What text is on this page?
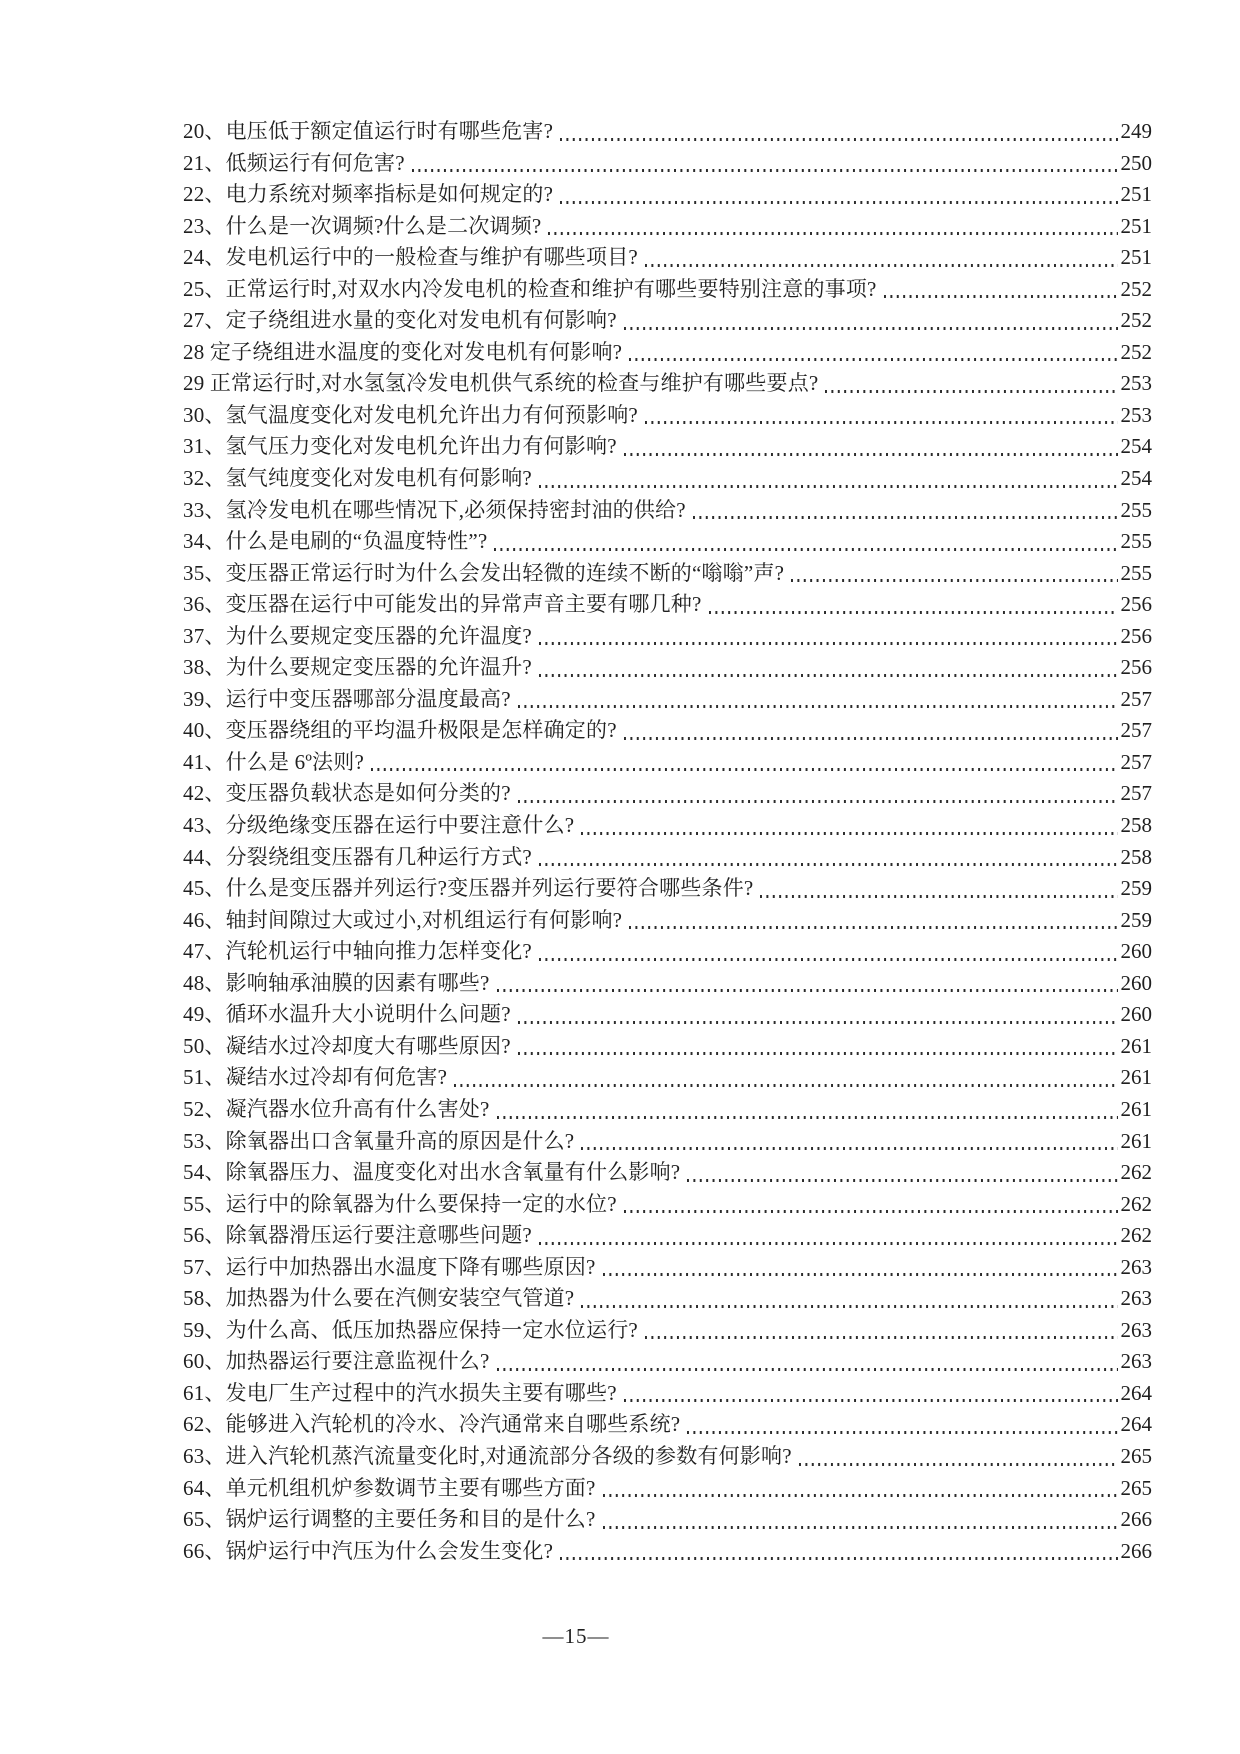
20、电压低于额定值运行时有哪些危害?	249
21、低频运行有何危害?	250
22、电力系统对频率指标是如何规定的?	251
23、什么是一次调频?什么是二次调频?	251
24、发电机运行中的一般检查与维护有哪些项目?	251
25、正常运行时,对双水内冷发电机的检查和维护有哪些要特别注意的事项?	252
27、定子绕组进水量的变化对发电机有何影响?	252
28 定子绕组进水温度的变化对发电机有何影响?	252
29 正常运行时,对水氢氢冷发电机供气系统的检查与维护有哪些要点?	253
30、氢气温度变化对发电机允许出力有何预影响?	253
31、氢气压力变化对发电机允许出力有何影响?	254
32、氢气纯度变化对发电机有何影响?	254
33、氢冷发电机在哪些情况下,必须保持密封油的供给?	255
34、什么是电刷的“负温度特性”?	255
35、变压器正常运行时为什么会发出轻微的连续不断的“嗡嗡”声?	255
36、变压器在运行中可能发出的异常声音主要有哪几种?	256
37、为什么要规定变压器的允许温度?	256
38、为什么要规定变压器的允许温升?	256
39、运行中变压器哪部分温度最高?	257
40、变压器绕组的平均温升极限是怎样确定的?	257
41、什么是 6º法则?	257
42、变压器负载状态是如何分类的?	257
43、分级绝缘变压器在运行中要注意什么?	258
44、分裂绕组变压器有几种运行方式?	258
45、什么是变压器并列运行?变压器并列运行要符合哪些条件?	259
46、轴封间隙过大或过小,对机组运行有何影响?	259
47、汽轮机运行中轴向推力怎样变化?	260
48、影响轴承油膜的因素有哪些?	260
49、循环水温升大小说明什么问题?	260
50、凝结水过冷却度大有哪些原因?	261
51、凝结水过冷却有何危害?	261
52、凝汽器水位升高有什么害处?	261
53、除氧器出口含氧量升高的原因是什么?	261
54、除氧器压力、温度变化对出水含氧量有什么影响?	262
55、运行中的除氧器为什么要保持一定的水位?	262
56、除氧器滑压运行要注意哪些问题?	262
57、运行中加热器出水温度下降有哪些原因?	263
58、加热器为什么要在汽侧安装空气管道?	263
59、为什么高、低压加热器应保持一定水位运行?	263
60、加热器运行要注意监视什么?	263
61、发电厂生产过程中的汽水损失主要有哪些?	264
62、能够进入汽轮机的冷水、冷汽通常来自哪些系统?	264
63、进入汽轮机蒸汽流量变化时,对通流部分各级的参数有何影响?	265
64、单元机组机炉参数调节主要有哪些方面?	265
65、锅炉运行调整的主要任务和目的是什么?	266
66、锅炉运行中汽压为什么会发生变化?	266
—15—
